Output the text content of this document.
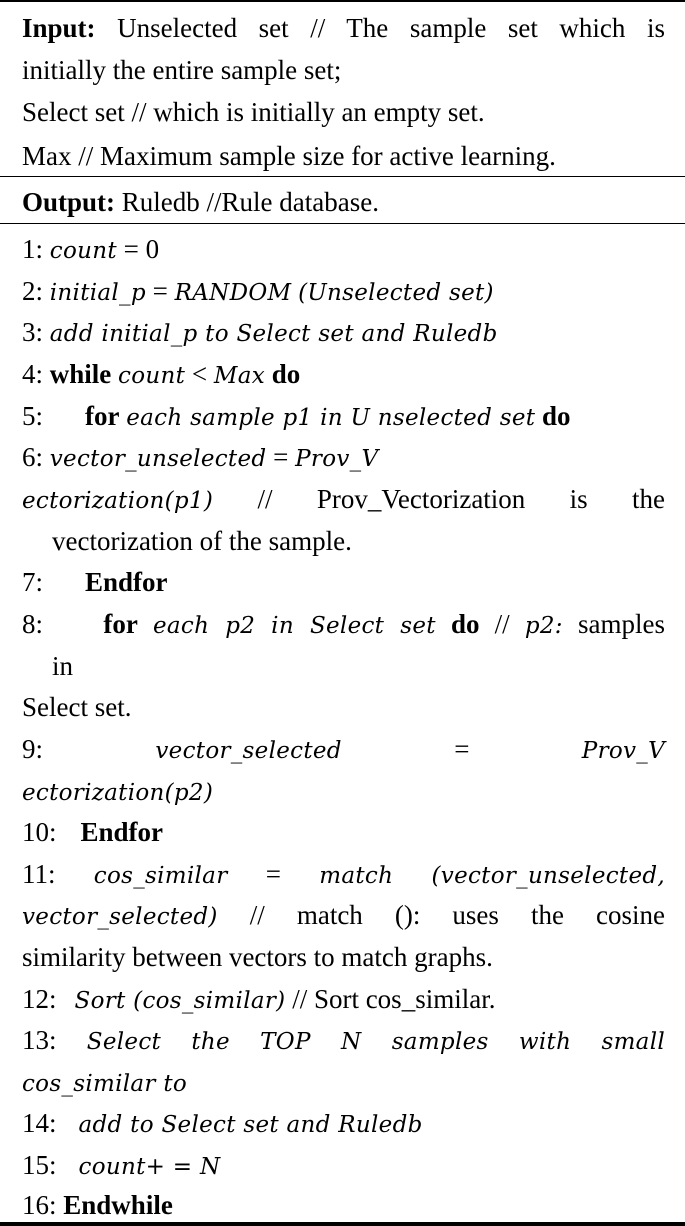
Input: Unselected set // The sample set which is
initially the entire sample set;
Select set // which is initially an empty set.
Max // Maximum sample size for active learning.
Output: Ruledb //Rule database.
1: count = 0
2: initial_p = RANDOM (Unselected set)
3: add initial_p to Select set and Ruledb
4: while count < Max do
5: for each sample p1 in U nselected set do
6: vector_unselected = Prov_V
ectorization(p1) // Prov_Vectorization is the
vectorization of the sample.
7: Endfor
8: for each p2 in Select set do // p2: samples
in
Select set.
9:	vector_selected	=	Prov_V
ectorization(p2)
10: Endfor
11: cos_similar = match (vector_unselected,
vector_selected) // match (): uses the cosine
similarity between vectors to match graphs.
12: Sort (cos_similar) // Sort cos_similar.
13: Select the TOP N samples with small
cos_similar to
14: add to Select set and Ruledb
15: count+ = N
16: Endwhile
